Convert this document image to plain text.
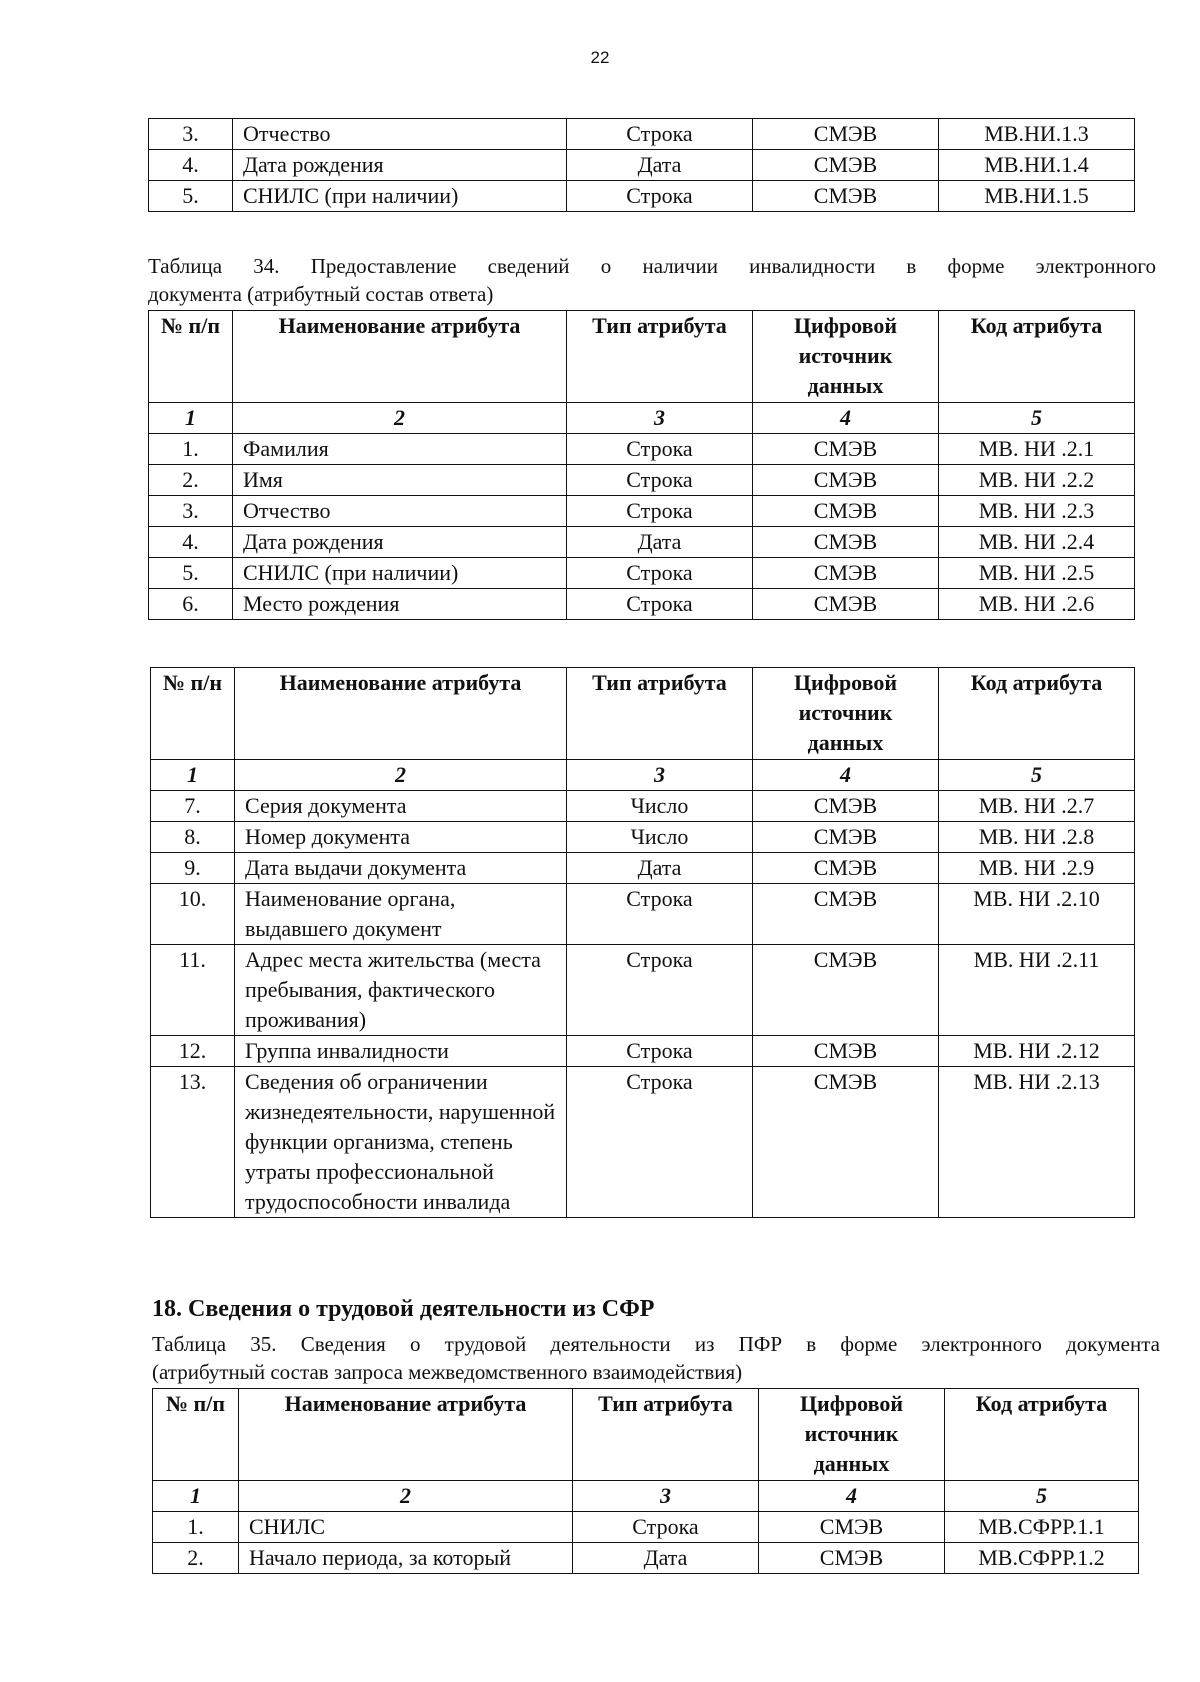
22
3.	Отчество	Строка	СМЭВ	МВ.НИ.1.3
4.	Дата рождения	Дата	СМЭВ	МВ.НИ.1.4
5.	СНИЛС (при наличии)	Строка	СМЭВ	МВ.НИ.1.5
Таблица 34. Предоставление сведений о наличии инвалидности в форме электронного
документа (атрибутный состав ответа)
№ п/п	Наименование атрибута	Тип атрибута	Цифровой источник данных	Код атрибута
1	2	3	4	5
1.	Фамилия	Строка	СМЭВ	МВ. НИ .2.1
2.	Имя	Строка	СМЭВ	МВ. НИ .2.2
3.	Отчество	Строка	СМЭВ	МВ. НИ .2.3
4.	Дата рождения	Дата	СМЭВ	МВ. НИ .2.4
5.	СНИЛС (при наличии)	Строка	СМЭВ	МВ. НИ .2.5
6.	Место рождения	Строка	СМЭВ	МВ. НИ .2.6
№ п/н	Наименование атрибута	Тип атрибута	Цифровой источник данных	Код атрибута
1	2	3	4	5
7.	Серия документа	Число	СМЭВ	МВ. НИ .2.7
8.	Номер документа	Число	СМЭВ	МВ. НИ .2.8
9.	Дата выдачи документа	Дата	СМЭВ	МВ. НИ .2.9
10.	Наименование органа, выдавшего документ	Строка	СМЭВ	МВ. НИ .2.10
11.	Адрес места жительства (места пребывания, фактического проживания)	Строка	СМЭВ	МВ. НИ .2.11
12.	Группа инвалидности	Строка	СМЭВ	МВ. НИ .2.12
13.	Сведения об ограничении жизнедеятельности, нарушенной функции организма, степень утраты профессиональной трудоспособности инвалида	Строка	СМЭВ	МВ. НИ .2.13
18. Сведения о трудовой деятельности из СФР
Таблица 35. Сведения о трудовой деятельности из ПФР в форме электронного документа
(атрибутный состав запроса межведомственного взаимодействия)
№ п/п	Наименование атрибута	Тип атрибута	Цифровой источник данных	Код атрибута
1	2	3	4	5
1.	СНИЛС	Строка	СМЭВ	МВ.СФРР.1.1
2.	Начало периода, за который	Дата	СМЭВ	МВ.СФРР.1.2
